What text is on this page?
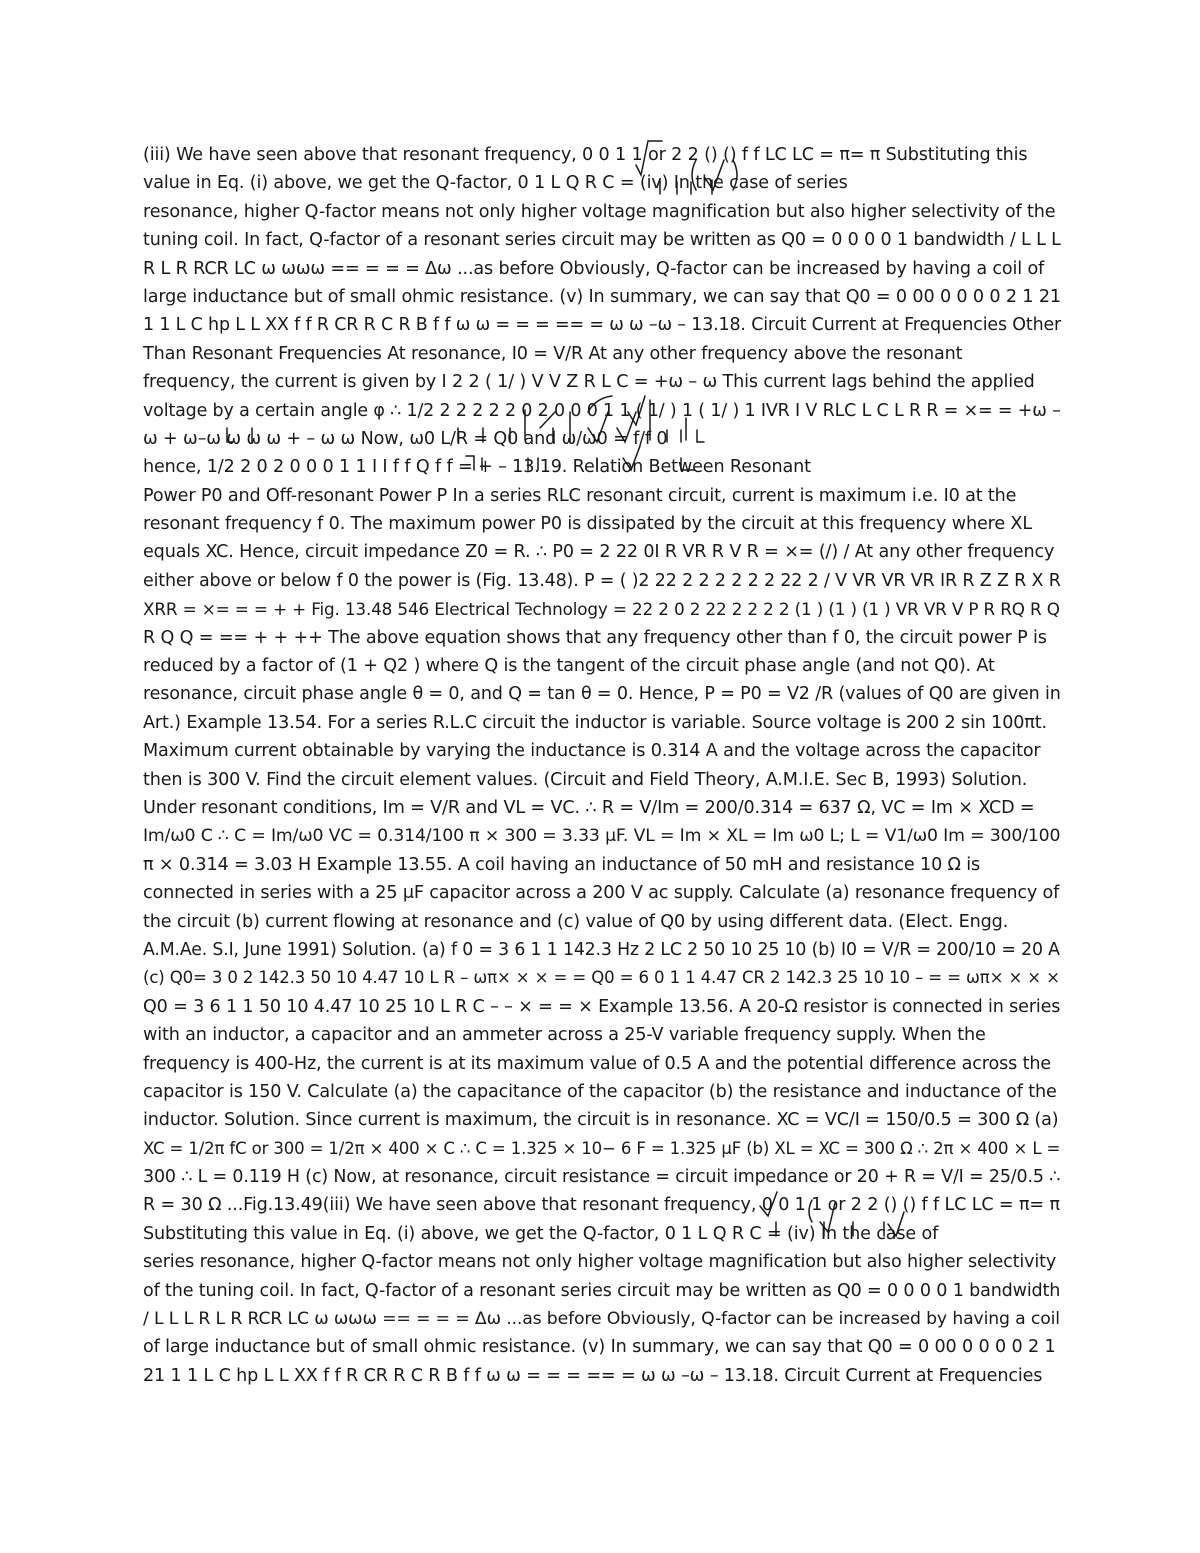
(iii) We have seen above that resonant frequency, 0 0 1 1 or 2 2 () () f f LC LC = π= π Substituting this
value in Eq. (i) above, we get the Q-factor, 0 1 L Q R C = (iv) In the case of series
resonance, higher Q-factor means not only higher voltage magnification but also higher selectivity of the
tuning coil. In fact, Q-factor of a resonant series circuit may be written as Q0 = 0 0 0 0 1 bandwidth / L L L
R L R RCR LC ω ωωω == = = = Δω ...as before Obviously, Q-factor can be increased by having a coil of
large inductance but of small ohmic resistance. (v) In summary, we can say that Q0 = 0 00 0 0 0 0 2 1 21
1 1 L C hp L L XX f f R CR R C R B f f ω ω = = = == = ω ω –ω – 13.18. Circuit Current at Frequencies Other
Than Resonant Frequencies At resonance, I0 = V/R At any other frequency above the resonant
frequency, the current is given by I 2 2 ( 1/ ) V V Z R L C = +ω – ω This current lags behind the applied
voltage by a certain angle φ ∴ 1/2 2 2 2 2 2 0 2 0 0 0 1 1 ( 1/ ) 1 ( 1/ ) 1 IVR I V RLC L C L R R = ×= = +ω –
ω + ω–ω ω ω ω + – ω ω Now, ω0 L/R = Q0 and ω/ω0 = f/f 0
hence, 1/2 2 0 2 0 0 0 1 1 I I f f Q f f = + – 13.19. Relation Between Resonant
Power P0 and Off-resonant Power P In a series RLC resonant circuit, current is maximum i.e. I0 at the
resonant frequency f 0. The maximum power P0 is dissipated by the circuit at this frequency where XL
equals XC. Hence, circuit impedance Z0 = R. ∴ P0 = 2 22 0I R VR R V R = ×= (/) / At any other frequency
either above or below f 0 the power is (Fig. 13.48). P = ( )2 22 2 2 2 2 2 2 22 2 / V VR VR VR IR R Z Z R X R
XRR = ×= = = + + Fig. 13.48 546 Electrical Technology = 22 2 0 2 22 2 2 2 2 (1 ) (1 ) (1 ) VR VR V P R RQ R Q
R Q Q = == + + ++ The above equation shows that any frequency other than f 0, the circuit power P is
reduced by a factor of (1 + Q2 ) where Q is the tangent of the circuit phase angle (and not Q0). At
resonance, circuit phase angle θ = 0, and Q = tan θ = 0. Hence, P = P0 = V2 /R (values of Q0 are given in
Art.) Example 13.54. For a series R.L.C circuit the inductor is variable. Source voltage is 200 2 sin 100πt.
Maximum current obtainable by varying the inductance is 0.314 A and the voltage across the capacitor
then is 300 V. Find the circuit element values. (Circuit and Field Theory, A.M.I.E. Sec B, 1993) Solution.
Under resonant conditions, Im = V/R and VL = VC. ∴ R = V/Im = 200/0.314 = 637 Ω, VC = Im × XCD =
Im/ω0 C ∴ C = Im/ω0 VC = 0.314/100 π × 300 = 3.33 μF. VL = Im × XL = Im ω0 L; L = V1/ω0 Im = 300/100
π × 0.314 = 3.03 H Example 13.55. A coil having an inductance of 50 mH and resistance 10 Ω is
connected in series with a 25 μF capacitor across a 200 V ac supply. Calculate (a) resonance frequency of
the circuit (b) current flowing at resonance and (c) value of Q0 by using different data. (Elect. Engg.
A.M.Ae. S.I, June 1991) Solution. (a) f 0 = 3 6 1 1 142.3 Hz 2 LC 2 50 10 25 10 (b) I0 = V/R = 200/10 = 20 A
(c) Q0= 3 0 2 142.3 50 10 4.47 10 L R – ωπ× × × = = Q0 = 6 0 1 1 4.47 CR 2 142.3 25 10 10 – = = ωπ× × × ×
Q0 = 3 6 1 1 50 10 4.47 10 25 10 L R C – – × = = × Example 13.56. A 20-Ω resistor is connected in series
with an inductor, a capacitor and an ammeter across a 25-V variable frequency supply. When the
frequency is 400-Hz, the current is at its maximum value of 0.5 A and the potential difference across the
capacitor is 150 V. Calculate (a) the capacitance of the capacitor (b) the resistance and inductance of the
inductor. Solution. Since current is maximum, the circuit is in resonance. XC = VC/I = 150/0.5 = 300 Ω (a)
XC = 1/2π fC or 300 = 1/2π × 400 × C ∴ C = 1.325 × 10− 6 F = 1.325 μF (b) XL = XC = 300 Ω ∴ 2π × 400 × L =
300 ∴ L = 0.119 H (c) Now, at resonance, circuit resistance = circuit impedance or 20 + R = V/I = 25/0.5 ∴
R = 30 Ω ...Fig.13.49(iii) We have seen above that resonant frequency, 0 0 1 1 or 2 2 () () f f LC LC = π= π
Substituting this value in Eq. (i) above, we get the Q-factor, 0 1 L Q R C = (iv) In the case of
series resonance, higher Q-factor means not only higher voltage magnification but also higher selectivity
of the tuning coil. In fact, Q-factor of a resonant series circuit may be written as Q0 = 0 0 0 0 1 bandwidth
/ L L L R L R RCR LC ω ωωω == = = = Δω ...as before Obviously, Q-factor can be increased by having a coil
of large inductance but of small ohmic resistance. (v) In summary, we can say that Q0 = 0 00 0 0 0 0 2 1
21 1 1 L C hp L L XX f f R CR R C R B f f ω ω = = = == = ω ω –ω – 13.18. Circuit Current at Frequencies
